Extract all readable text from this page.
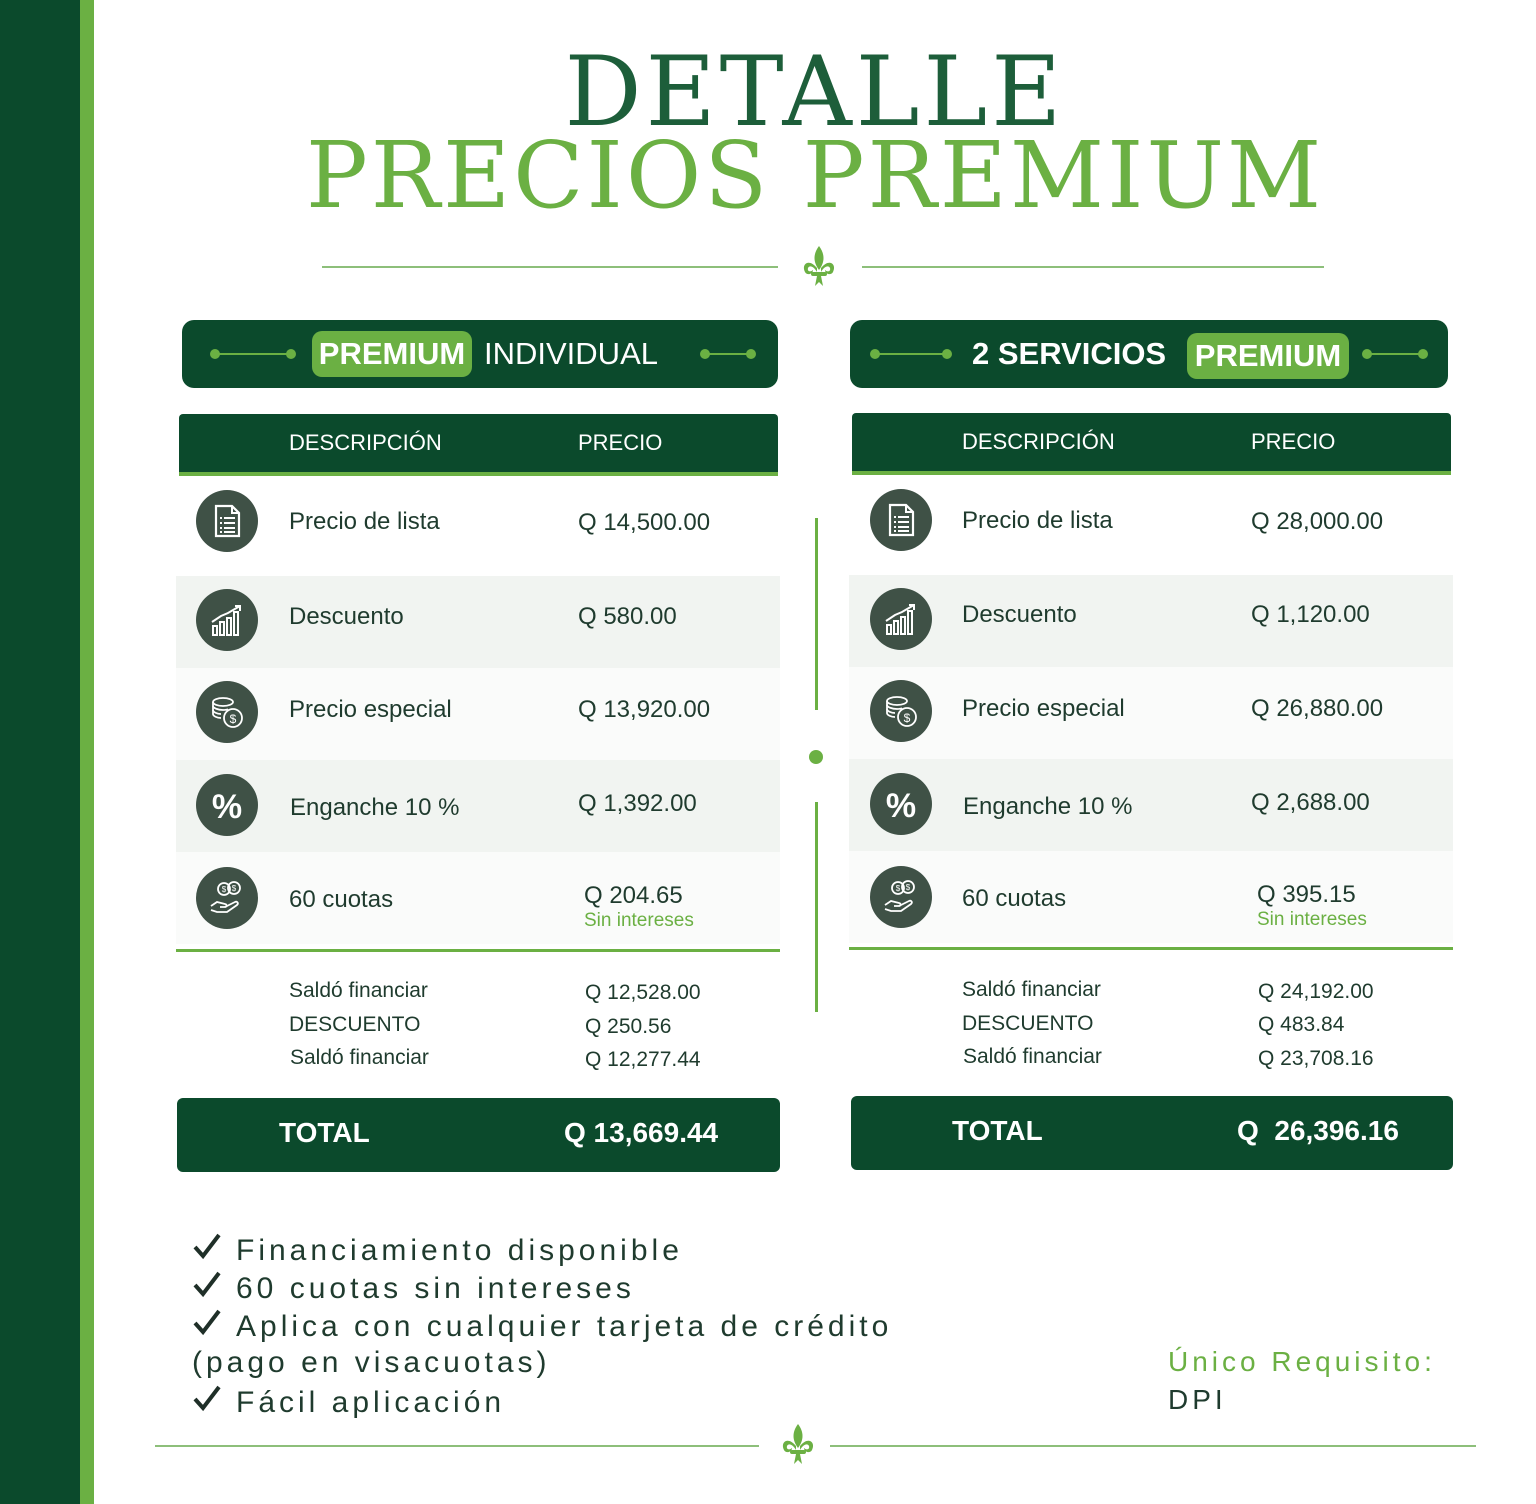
DETALLE
PRECIOS PREMIUM
PREMIUM INDIVIDUAL
DESCRIPCIÓN	PRECIO
Precio de lista	Q 14,500.00
Descuento	Q 580.00
$ Precio especial	Q 13,920.00
% Enganche 10 %	Q 1,392.00
$ $ 60 cuotas	Q 204.65
Sin intereses
Saldó financiar	Q 12,528.00
DESCUENTO	Q 250.56
Saldó financiar	Q 12,277.44
TOTAL	Q 13,669.44
2 SERVICIOS PREMIUM
DESCRIPCIÓN	PRECIO
Precio de lista	Q 28,000.00
Descuento	Q 1,120.00
$ Precio especial	Q 26,880.00
% Enganche 10 %	Q 2,688.00
$ $ 60 cuotas	Q 395.15
Sin intereses
Saldó financiar	Q 24,192.00
DESCUENTO	Q 483.84
Saldó financiar	Q 23,708.16
TOTAL	Q  26,396.16
Financiamiento disponible
60 cuotas sin intereses
Aplica con cualquier tarjeta de crédito
(pago en visacuotas)
Fácil aplicación
Único Requisito:
DPI
